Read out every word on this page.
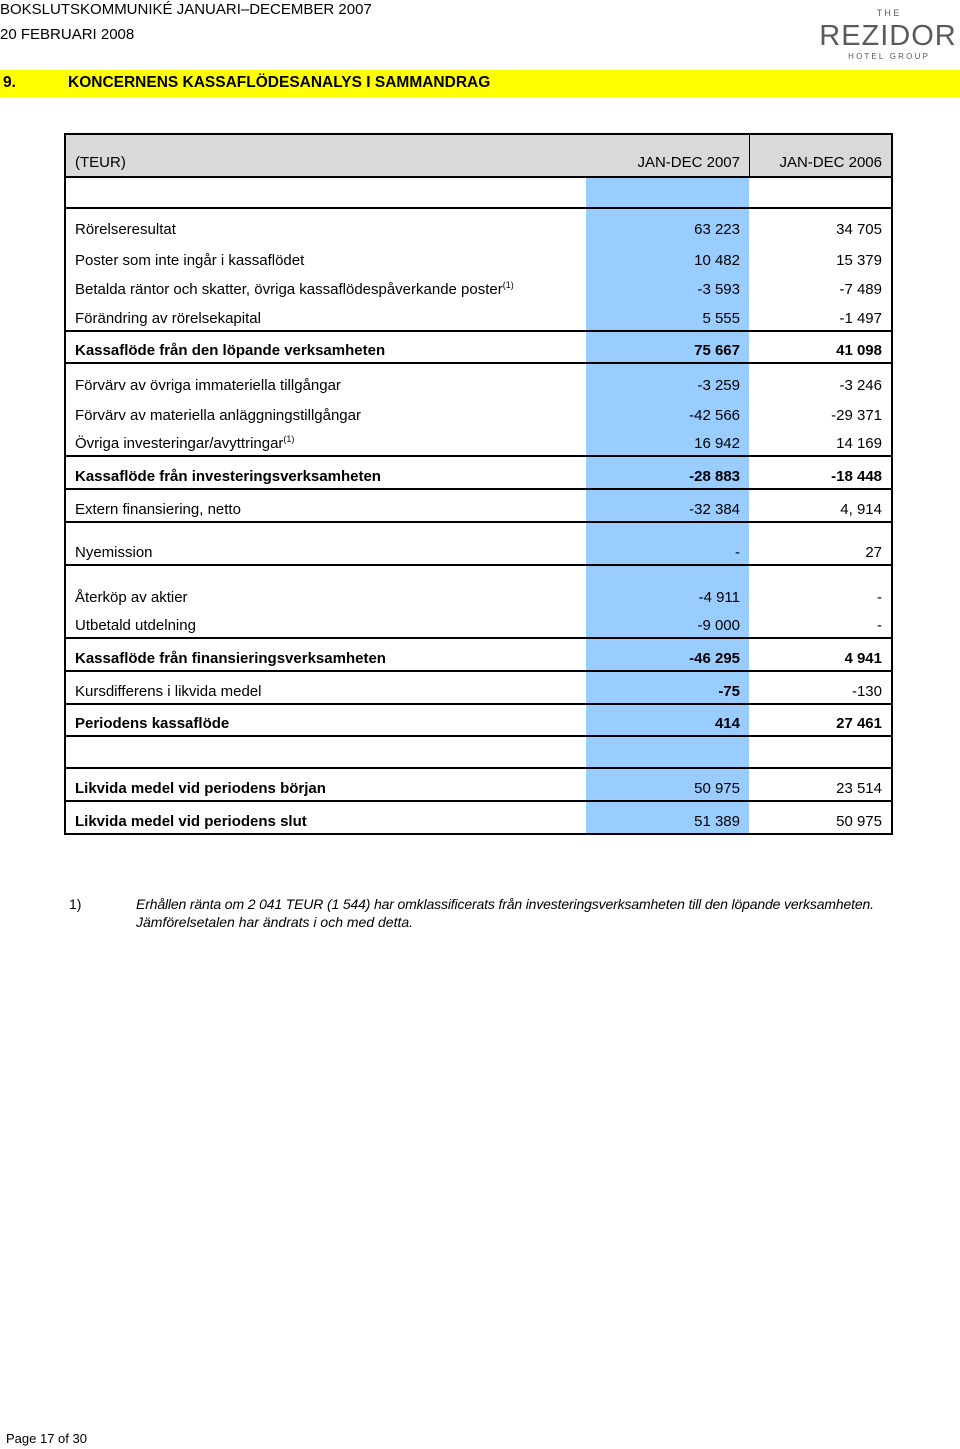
BOKSLUTSKOMMUNIKÉ JANUARI–DECEMBER 2007
20 FEBRUARI 2008
T H E
REZIDOR
H O T E L   G R O U P
9.	KONCERNENS KASSAFLÖDESANALYS I SAMMANDRAG
(TEUR)	JAN-DEC 2007	JAN-DEC 2006
Rörelseresultat	63 223	34 705
Poster som inte ingår i kassaflödet	10 482	15 379
Betalda räntor och skatter, övriga kassaflödespåverkande poster$^{(1)}$	-3 593	-7 489
Förändring av rörelsekapital	5 555	-1 497
Kassaflöde från den löpande verksamheten	75 667	41 098
Förvärv av övriga immateriella tillgångar	-3 259	-3 246
Förvärv av materiella anläggningstillgångar	-42 566	-29 371
Övriga investeringar/avyttringar$^{(1)}$	16 942	14 169
Kassaflöde från investeringsverksamheten	-28 883	-18 448
Extern finansiering, netto	-32 384	4, 914
Nyemission	-	27
Återköp av aktier	-4 911	-
Utbetald utdelning	-9 000	-
Kassaflöde från finansieringsverksamheten	-46 295	4 941
Kursdifferens i likvida medel	-75	-130
Periodens kassaflöde	414	27 461
Likvida medel vid periodens början	50 975	23 514
Likvida medel vid periodens slut	51 389	50 975
1)	Erhållen ränta om 2 041 TEUR (1 544) har omklassificerats från investeringsverksamheten till den löpande verksamheten.
Jämförelsetalen har ändrats i och med detta.
Page 17 of 30
